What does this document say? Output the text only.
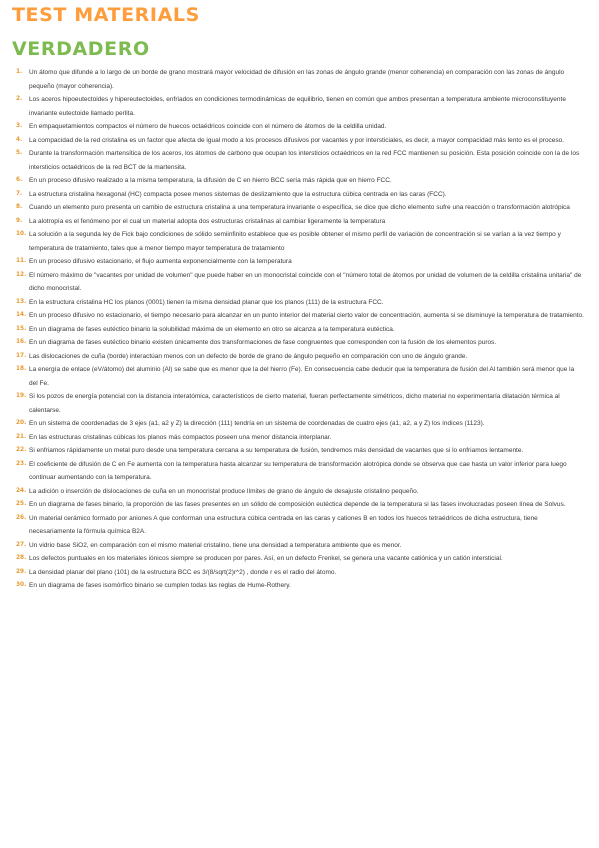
TEST MATERIALS
VERDADERO
1.	Un átomo que difunde a lo largo de un borde de grano mostrará mayor velocidad de difusión en las zonas de ángulo grande (menor coherencia) en comparación con las zonas de ángulo pequeño (mayor coherencia).
2.	Los aceros hipoeutectoides y hipereutectoides, enfriados en condiciones termodinámicas de equilibrio, tienen en común que ambos presentan a temperatura ambiente microconstituyente invariante eutectoide llamado perlita.
3.	En empaquetamientos compactos el número de huecos octaédricos coincide con el número de átomos de la celdilla unidad.
4.	La compacidad de la red cristalina es un factor que afecta de igual modo a los procesos difusivos por vacantes y por intersticiales, es decir, a mayor compacidad más lento es el proceso.
5.	Durante la transformación martensítica de los aceros, los átomos de carbono que ocupan los intersticios octaédricos en la red FCC mantienen su posición. Esta posición coincide con la de los intersticios octaédricos de la red BCT de la martensita.
6.	En un proceso difusivo realizado a la misma temperatura, la difusión de C en hierro BCC sería más rápida que en hierro FCC.
7.	La estructura cristalina hexagonal (HC) compacta posee menos sistemas de deslizamiento que la estructura cúbica centrada en las caras (FCC).
8.	Cuando un elemento puro presenta un cambio de estructura cristalina a una temperatura invariante o específica, se dice que dicho elemento sufre una reacción o transformación alotrópica
9.	La alotropía es el fenómeno por el cual un material adopta dos estructuras cristalinas al cambiar ligeramente la temperatura
10. La solución a la segunda ley de Fick bajo condiciones de sólido semiinfinito establece que es posible obtener el mismo perfil de variación de concentración si se varían a la vez tiempo y temperatura de tratamiento, tales que a menor tiempo mayor temperatura de tratamiento
11. En un proceso difusivo estacionario, el flujo aumenta exponencialmente con la temperatura
12. El número máximo de "vacantes por unidad de volumen" que puede haber en un monocristal coincide con el "número total de átomos por unidad de volumen de la celdilla cristalina unitaria" de dicho monocristal.
13. En la estructura cristalina HC los planos (0001) tienen la misma densidad planar que los planos (111) de la estructura FCC.
14. En un proceso difusivo no estacionario, el tiempo necesario para alcanzar en un punto interior del material cierto valor de concentración, aumenta si se disminuye la temperatura de tratamiento.
15. En un diagrama de fases eutéctico binario la solubilidad máxima de un elemento en otro se alcanza a la temperatura eutéctica.
16. En un diagrama de fases eutéctico binario existen únicamente dos transformaciones de fase congruentes que corresponden con la fusión de los elementos puros.
17. Las dislocaciones de cuña (borde) interactúan menos con un defecto de borde de grano de ángulo pequeño en comparación con uno de ángulo grande.
18. La energía de enlace (eV/átomo) del aluminio (Al) se sabe que es menor que la del hierro (Fe). En consecuencia cabe deducir que la temperatura de fusión del Al también será menor que la del Fe.
19. Si los pozos de energía potencial con la distancia interatómica, característicos de cierto material, fueran perfectamente simétricos, dicho material no experimentaría dilatación térmica al calentarse.
20. En un sistema de coordenadas de 3 ejes (a1, a2 y Z) la dirección (111) tendría en un sistema de coordenadas de cuatro ejes (a1, a2, a y Z) los índices (1123).
21. En las estructuras cristalinas cúbicas los planos más compactos poseen una menor distancia interplanar.
22. Si enfriamos rápidamente un metal puro desde una temperatura cercana a su temperatura de fusión, tendremos más densidad de vacantes que si lo enfriamos lentamente.
23. El coeficiente de difusión de C en Fe aumenta con la temperatura hasta alcanzar su temperatura de transformación alotrópica donde se observa que cae hasta un valor inferior para luego continuar aumentando con la temperatura.
24. La adición o inserción de dislocaciones de cuña en un monocristal produce límites de grano de ángulo de desajuste cristalino pequeño.
25. En un diagrama de fases binario, la proporción de las fases presentes en un sólido de composición eutéctica depende de la temperatura si las fases involucradas poseen línea de Solvus.
26. Un material cerámico formado por aniones A que conforman una estructura cúbica centrada en las caras y cationes B en todos los huecos tetraédricos de dicha estructura, tiene necesariamente la fórmula química B2A.
27. Un vidrio base SiO2, en comparación con el mismo material cristalino, tiene una densidad a temperatura ambiente que es menor.
28. Los defectos puntuales en los materiales iónicos siempre se producen por pares. Así, en un defecto Frenkel, se genera una vacante catiónica y un catión intersticial.
29. La densidad planar del plano (101) de la estructura BCC es 3/(8/sqrt(2)r^2) , donde r es el radio del átomo.
30. En un diagrama de fases isomórfico binario se cumplen todas las reglas de Hume-Rothery.
